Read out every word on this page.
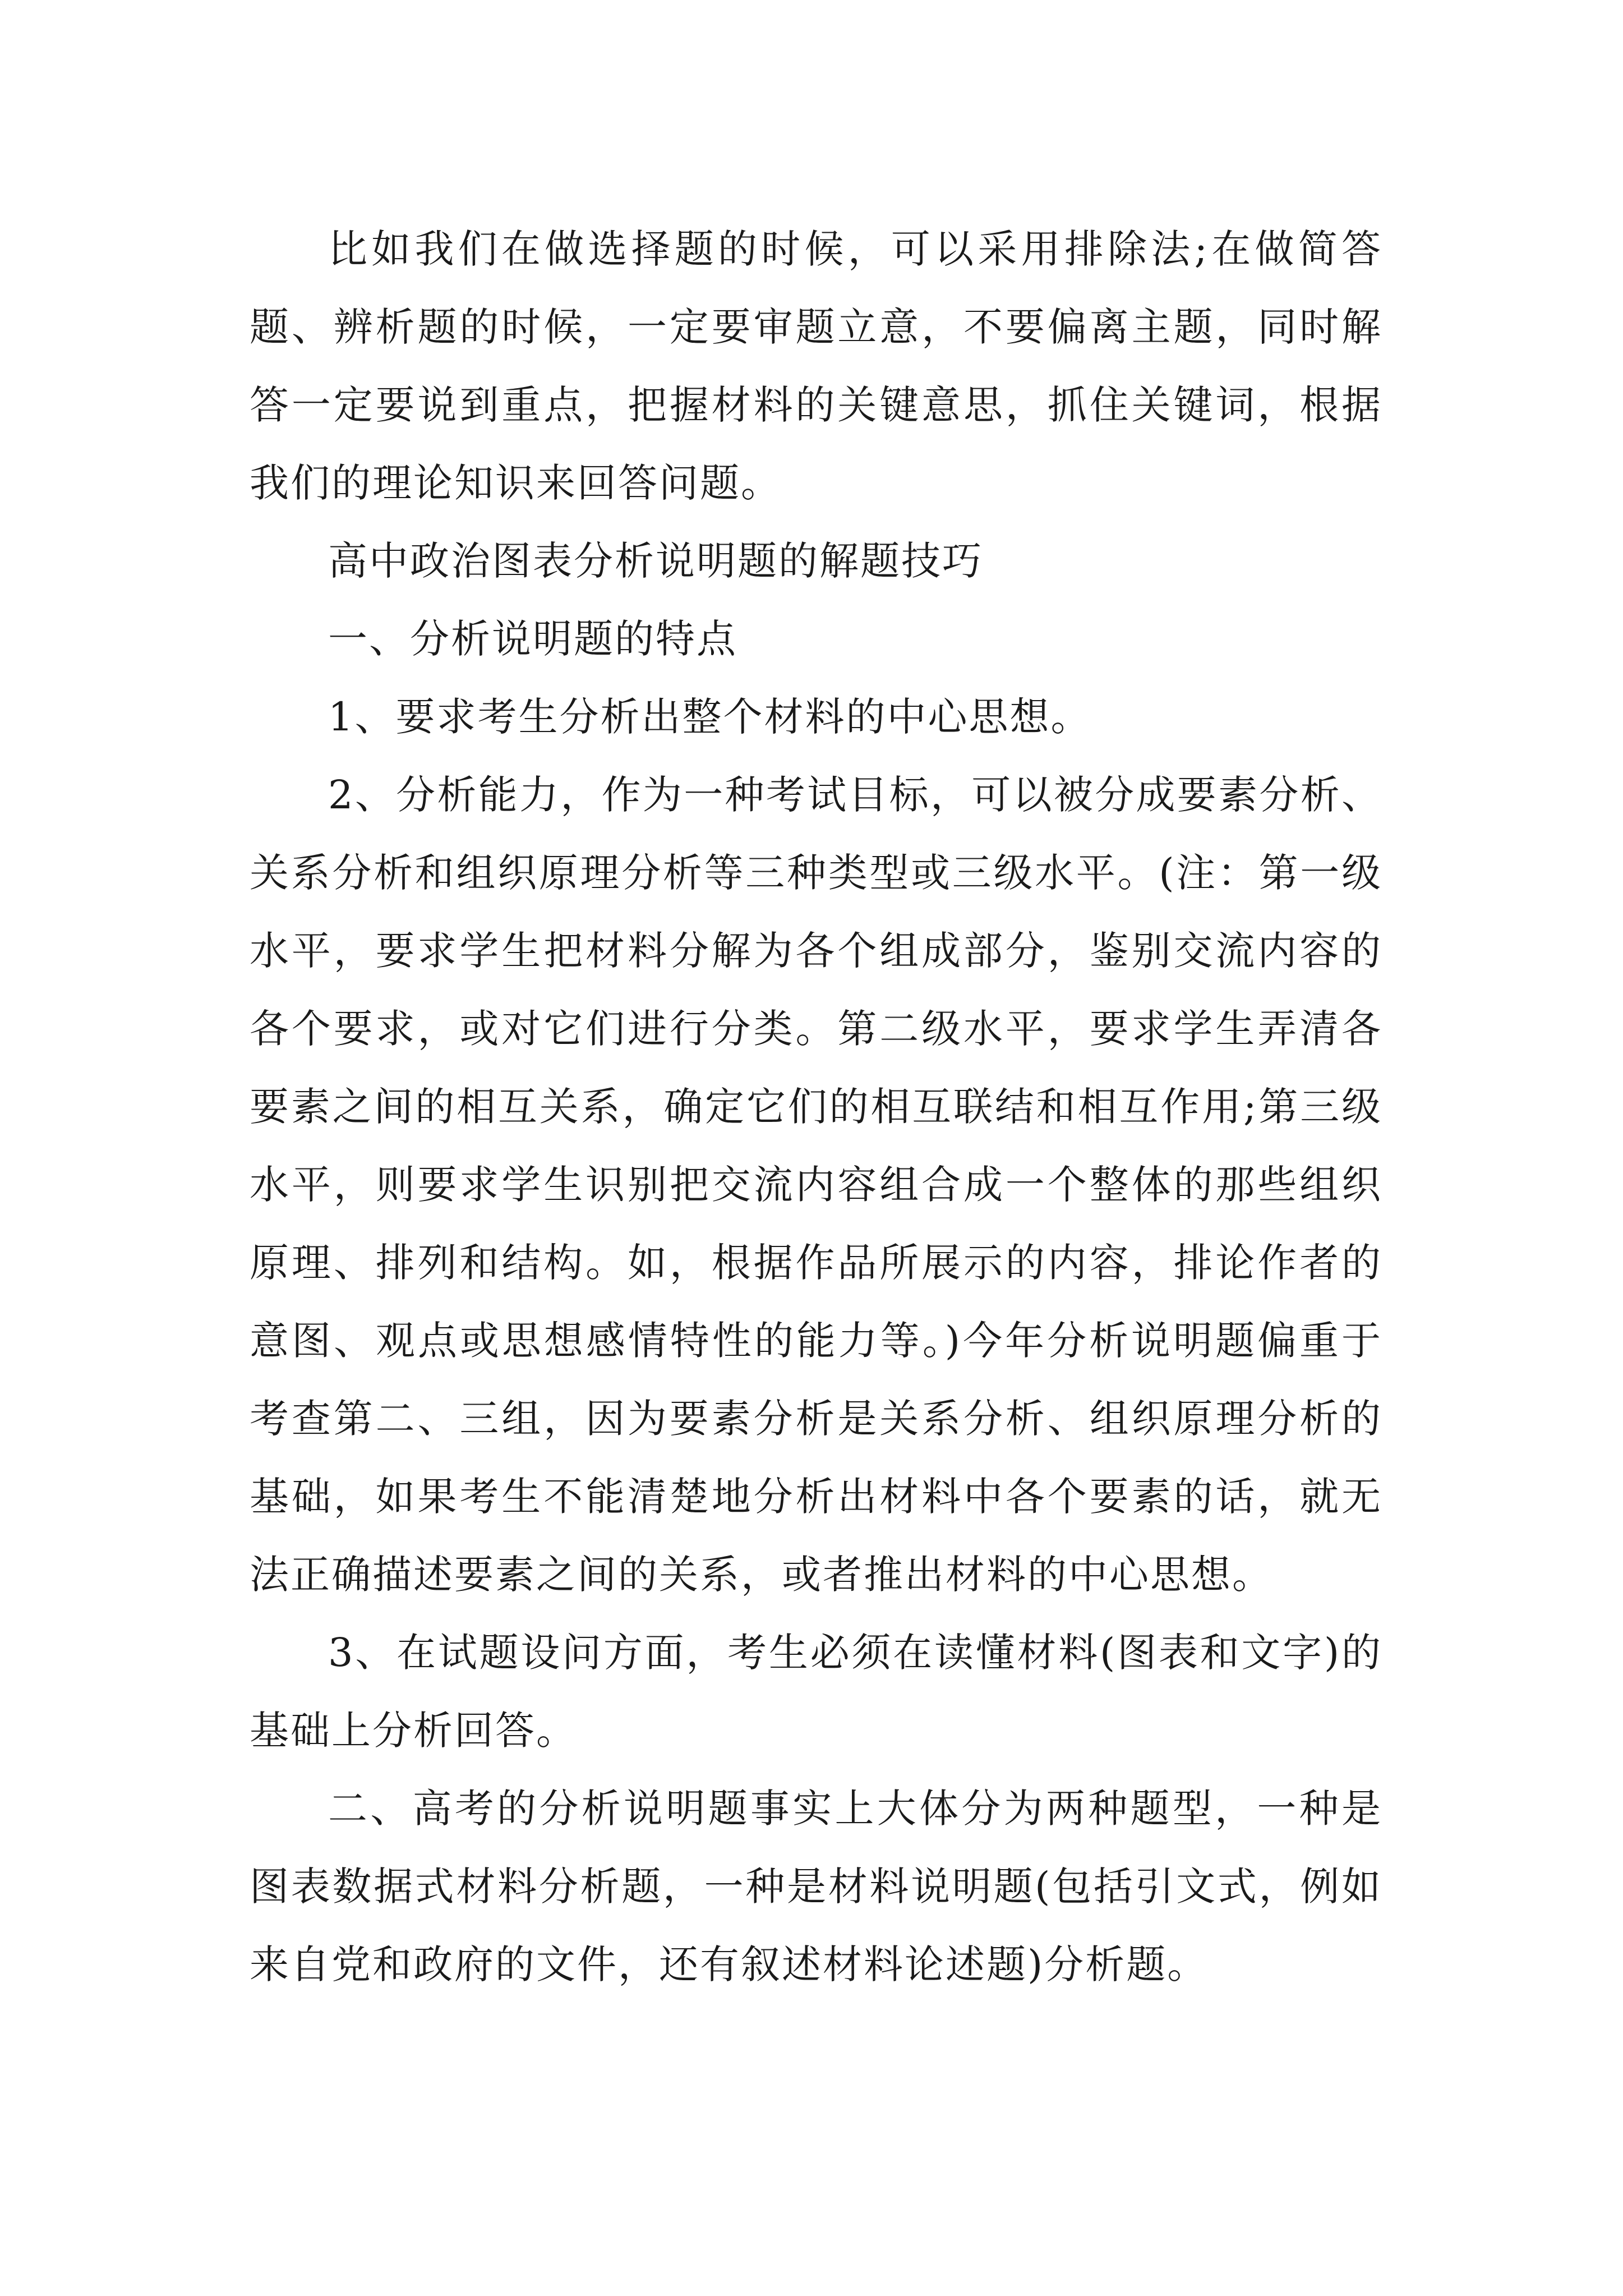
比如我们在做选择题的时候，可以采用排除法;在做简答题、辨析题的时候，一定要审题立意，不要偏离主题，同时解答一定要说到重点，把握材料的关键意思，抓住关键词，根据我们的理论知识来回答问题。

高中政治图表分析说明题的解题技巧

一、分析说明题的特点

1、要求考生分析出整个材料的中心思想。

2、分析能力，作为一种考试目标，可以被分成要素分析、关系分析和组织原理分析等三种类型或三级水平。(注：第一级水平，要求学生把材料分解为各个组成部分，鉴别交流内容的各个要求，或对它们进行分类。第二级水平，要求学生弄清各要素之间的相互关系，确定它们的相互联结和相互作用;第三级水平，则要求学生识别把交流内容组合成一个整体的那些组织原理、排列和结构。如，根据作品所展示的内容，排论作者的意图、观点或思想感情特性的能力等。)今年分析说明题偏重于考查第二、三组，因为要素分析是关系分析、组织原理分析的基础，如果考生不能清楚地分析出材料中各个要素的话，就无法正确描述要素之间的关系，或者推出材料的中心思想。

3、在试题设问方面，考生必须在读懂材料(图表和文字)的基础上分析回答。

二、高考的分析说明题事实上大体分为两种题型，一种是图表数据式材料分析题，一种是材料说明题(包括引文式，例如来自党和政府的文件，还有叙述材料论述题)分析题。
